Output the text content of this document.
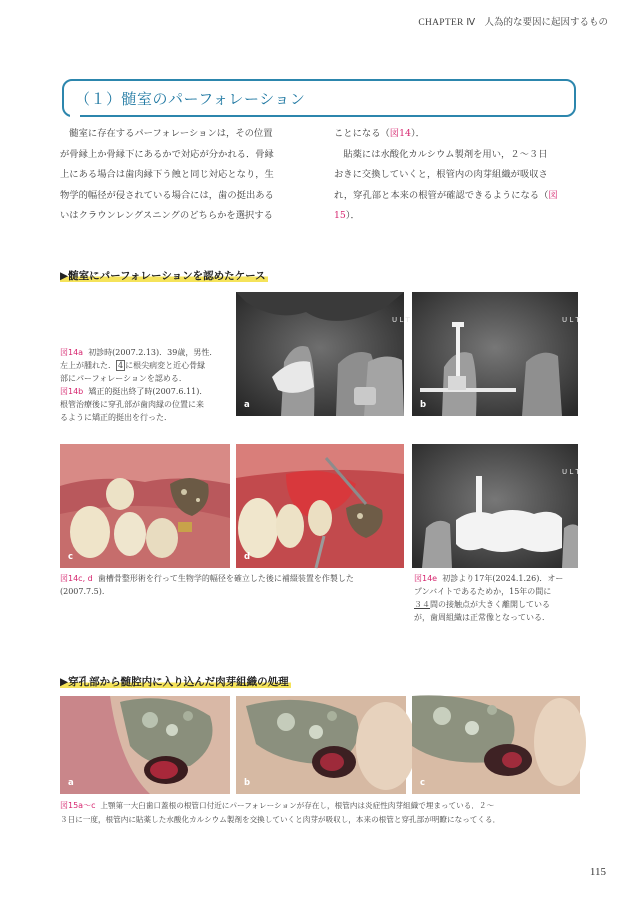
CHAPTER Ⅳ 人為的な要因に起因するもの
（１）髄室のパーフォレーション
髄室に存在するパーフォレーションは，その位置
が骨縁上か骨縁下にあるかで対応が分かれる．骨縁
上にある場合は歯肉縁下う蝕と同じ対応となり，生
物学的幅径が侵されている場合には，歯の挺出ある
いはクラウンレングスニングのどちらかを選択する
ことになる（図14）．
　貼薬には水酸化カルシウム製剤を用い，２～３日
おきに交換していくと，根管内の肉芽組織が吸収さ
れ，穿孔部と本来の根管が確認できるようになる（図
15）．
▶髄室にパーフォレーションを認めたケース
U L T
a
U L T
b
図14a 初診時(2007.2.13)．39歳，男性．
左上が腫れた． 4 に根尖病変と近心骨縁
部にパーフォレーションを認める．
図14b 矯正的挺出終了時(2007.6.11)．
根管治療後に穿孔部が歯肉縁の位置に来
るように矯正的挺出を行った．
c	d
U L T
図14c, d 歯槽骨整形術を行って生物学的幅径を確立した後に補綴装置を作製した
(2007.7.5).
図14e 初診より17年(2024.1.26)．オー
プンバイトであるためか，15年の間に
３４間の接触点が大きく離開している
が，歯周組織は正常像となっている．
▶穿孔部から髄腔内に入り込んだ肉芽組織の処理
a	b	c
図15a〜c 上顎第一大臼歯口蓋根の根管口付近にパーフォレーションが存在し，根管内は炎症性肉芽組織で埋まっている．２〜
３日に一度，根管内に貼薬した水酸化カルシウム製剤を交換していくと肉芽が吸収し，本来の根管と穿孔部が明瞭になってくる．
115
